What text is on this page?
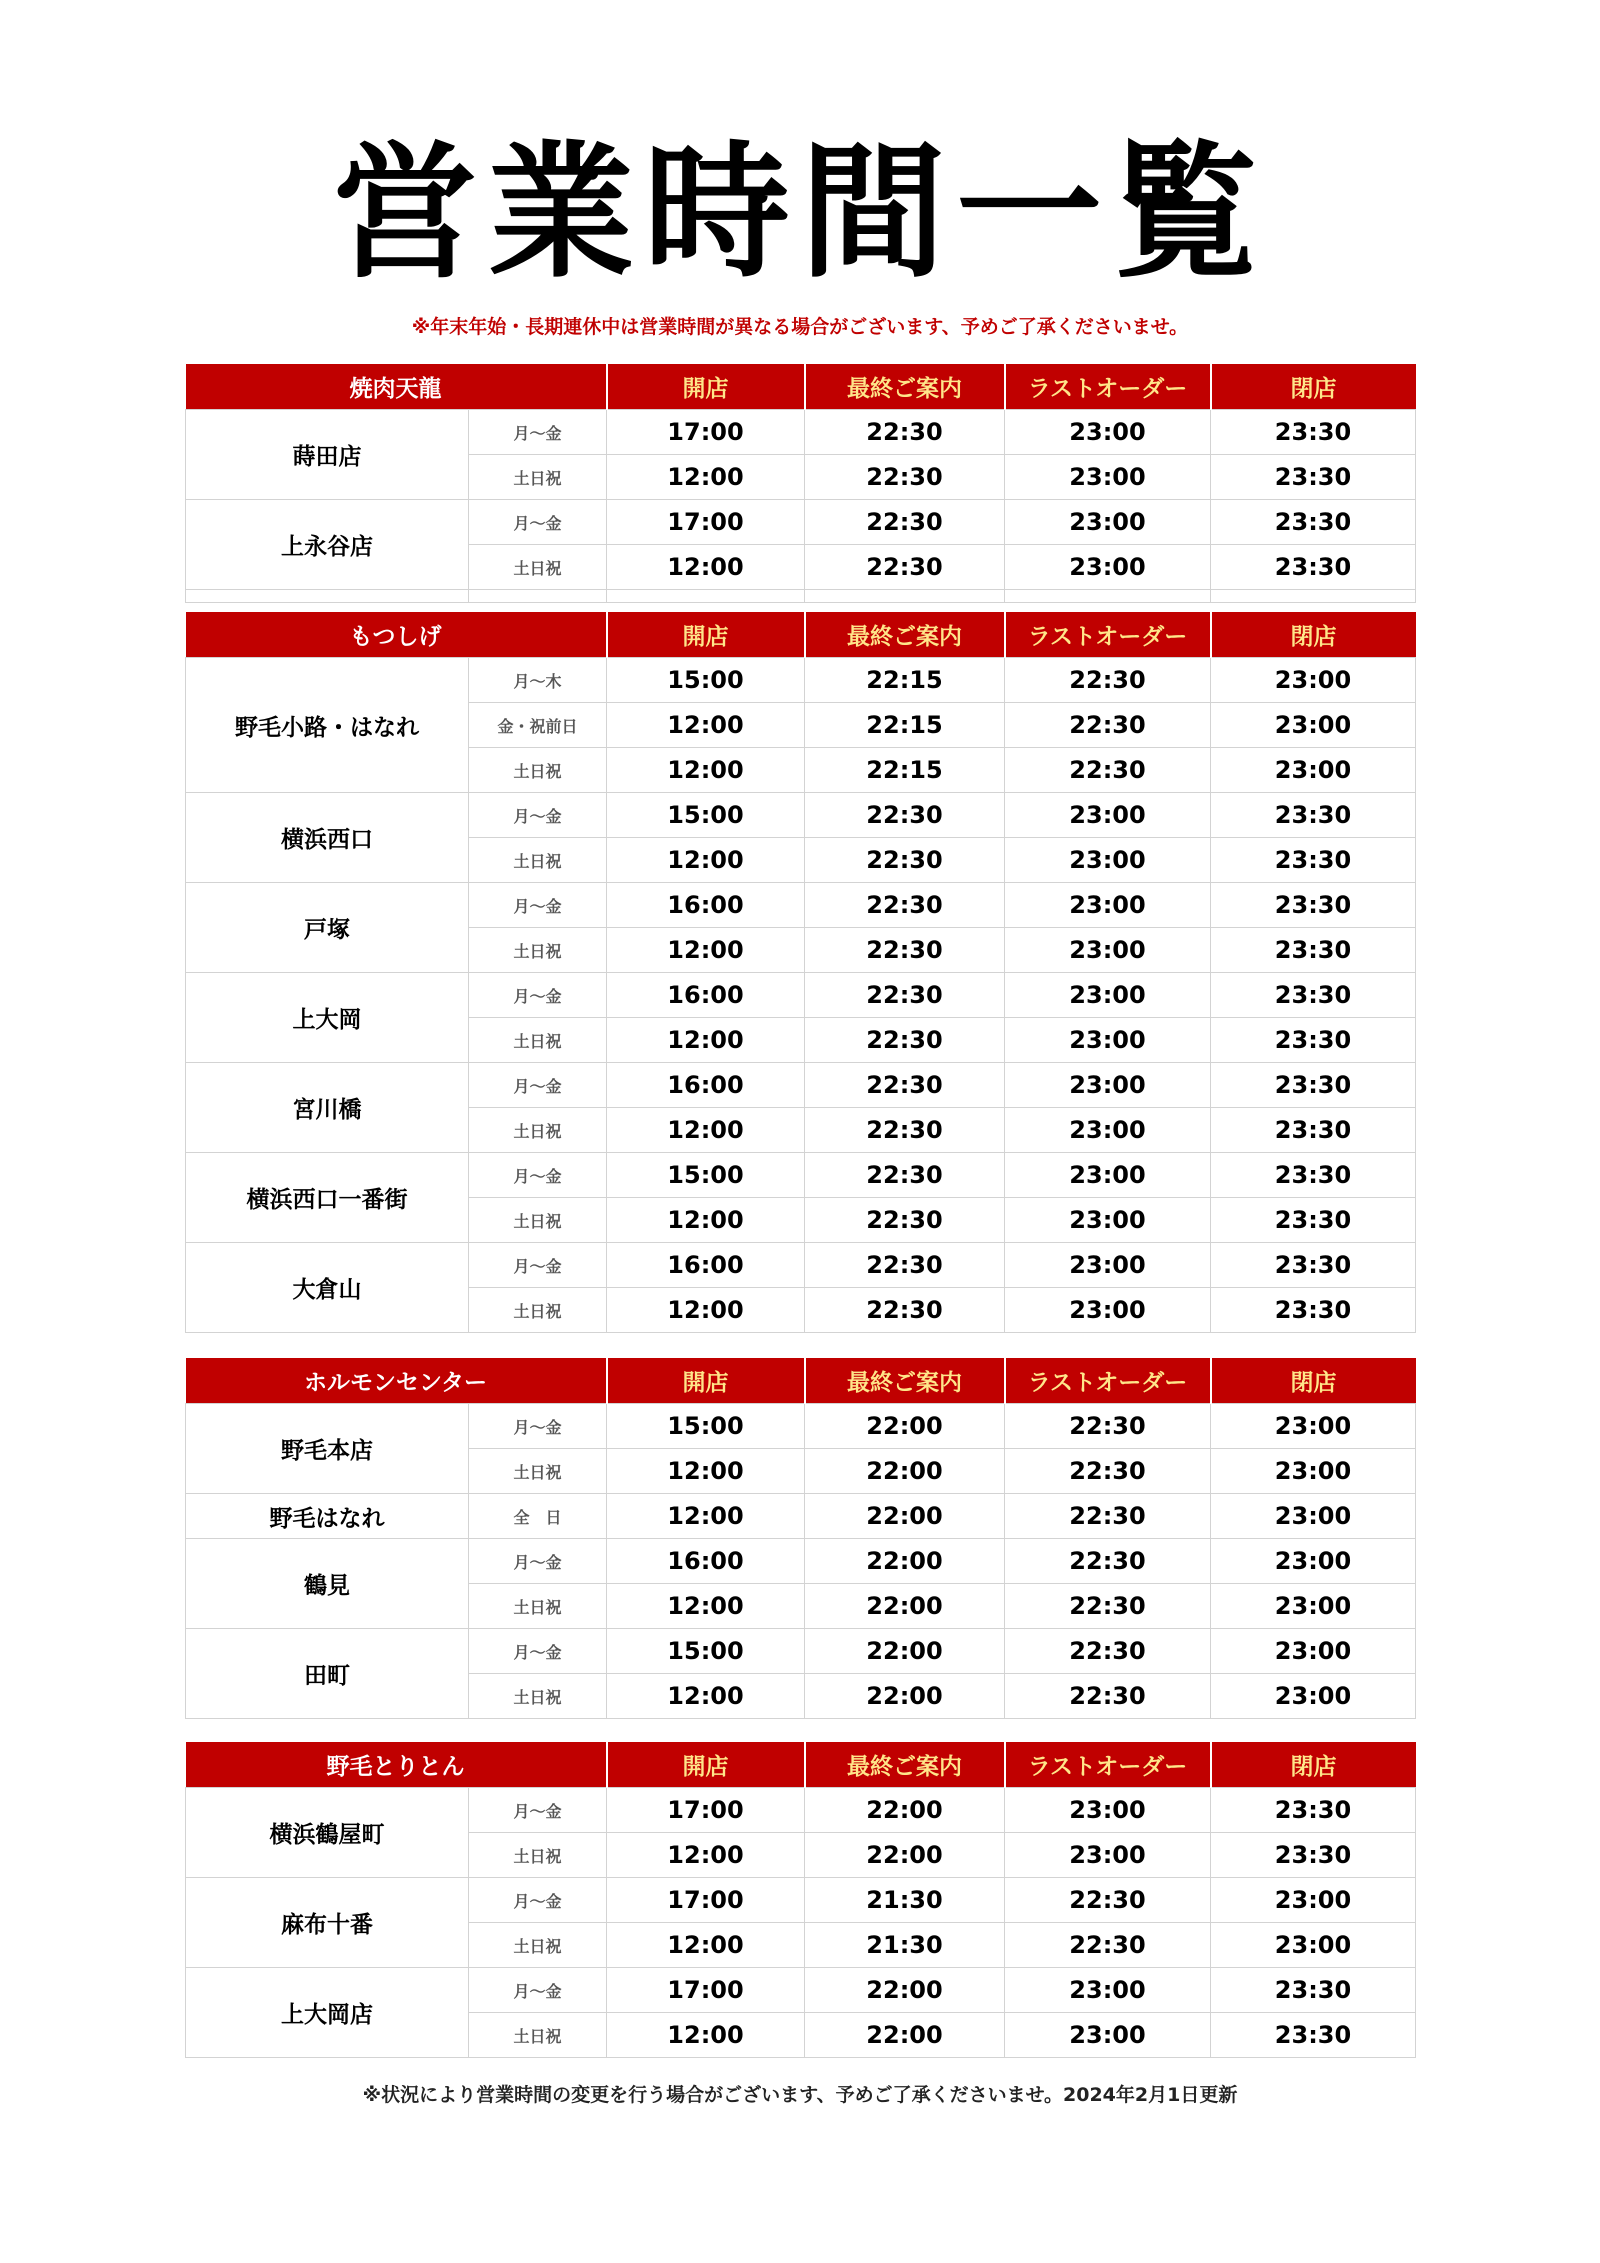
営業時間一覧
※年末年始・長期連休中は営業時間が異なる場合がございます、予めご了承くださいませ。
焼肉天龍		開店	最終ご案内	ラストオーダー	閉店
蒔田店	月～金	17:00	22:30	23:00	23:30
	土日祝	12:00	22:30	23:00	23:30
上永谷店	月～金	17:00	22:30	23:00	23:30
	土日祝	12:00	22:30	23:00	23:30

もつしげ		開店	最終ご案内	ラストオーダー	閉店
野毛小路・はなれ	月～木	15:00	22:15	22:30	23:00
	金・祝前日	12:00	22:15	22:30	23:00
	土日祝	12:00	22:15	22:30	23:00
横浜西口	月～金	15:00	22:30	23:00	23:30
	土日祝	12:00	22:30	23:00	23:30
戸塚	月～金	16:00	22:30	23:00	23:30
	土日祝	12:00	22:30	23:00	23:30
上大岡	月～金	16:00	22:30	23:00	23:30
	土日祝	12:00	22:30	23:00	23:30
宮川橋	月～金	16:00	22:30	23:00	23:30
	土日祝	12:00	22:30	23:00	23:30
横浜西口一番街	月～金	15:00	22:30	23:00	23:30
	土日祝	12:00	22:30	23:00	23:30
大倉山	月～金	16:00	22:30	23:00	23:30
	土日祝	12:00	22:30	23:00	23:30
ホルモンセンター		開店	最終ご案内	ラストオーダー	閉店
野毛本店	月～金	15:00	22:00	22:30	23:00
	土日祝	12:00	22:00	22:30	23:00
野毛はなれ	全　日	12:00	22:00	22:30	23:00
鶴見	月～金	16:00	22:00	22:30	23:00
	土日祝	12:00	22:00	22:30	23:00
田町	月～金	15:00	22:00	22:30	23:00
	土日祝	12:00	22:00	22:30	23:00
野毛とりとん		開店	最終ご案内	ラストオーダー	閉店
横浜鶴屋町	月～金	17:00	22:00	23:00	23:30
	土日祝	12:00	22:00	23:00	23:30
麻布十番	月～金	17:00	21:30	22:30	23:00
	土日祝	12:00	21:30	22:30	23:00
上大岡店	月～金	17:00	22:00	23:00	23:30
	土日祝	12:00	22:00	23:00	23:30
※状況により営業時間の変更を行う場合がございます、予めご了承くださいませ。2024年2月1日更新
